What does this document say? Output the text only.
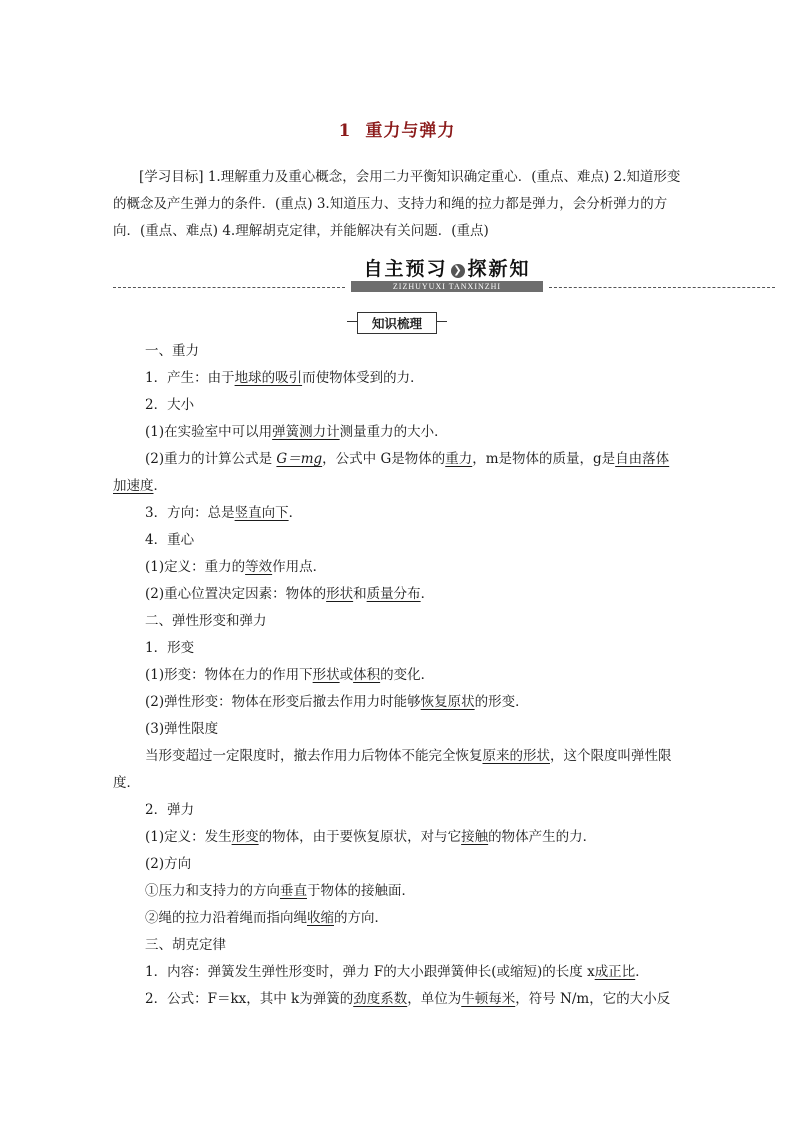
1 重力与弹力
[学习目标] 1.理解重力及重心概念，会用二力平衡知识确定重心．(重点、难点) 2.知道形变的概念及产生弹力的条件．(重点) 3.知道压力、支持力和绳的拉力都是弹力，会分析弹力的方向．(重点、难点) 4.理解胡克定律，并能解决有关问题．(重点)
自主预习 ❯ 探新知
ZIZHUYUXI TANXINZHI
知识梳理
一、重力
1．产生：由于地球的吸引而使物体受到的力．
2．大小
(1)在实验室中可以用弹簧测力计测量重力的大小．
(2)重力的计算公式是 G＝mg，公式中 G是物体的重力，m是物体的质量，g是自由落体
加速度．
3．方向：总是竖直向下．
4．重心
(1)定义：重力的等效作用点．
(2)重心位置决定因素：物体的形状和质量分布．
二、弹性形变和弹力
1．形变
(1)形变：物体在力的作用下形状或体积的变化．
(2)弹性形变：物体在形变后撤去作用力时能够恢复原状的形变．
(3)弹性限度
当形变超过一定限度时，撤去作用力后物体不能完全恢复原来的形状，这个限度叫弹性限度．
2．弹力
(1)定义：发生形变的物体，由于要恢复原状，对与它接触的物体产生的力．
(2)方向
①压力和支持力的方向垂直于物体的接触面．
②绳的拉力沿着绳而指向绳收缩的方向．
三、胡克定律
1．内容：弹簧发生弹性形变时，弹力 F的大小跟弹簧伸长(或缩短)的长度 x成正比．
2．公式：F＝kx，其中 k为弹簧的劲度系数，单位为牛顿每米，符号 N/m，它的大小反
